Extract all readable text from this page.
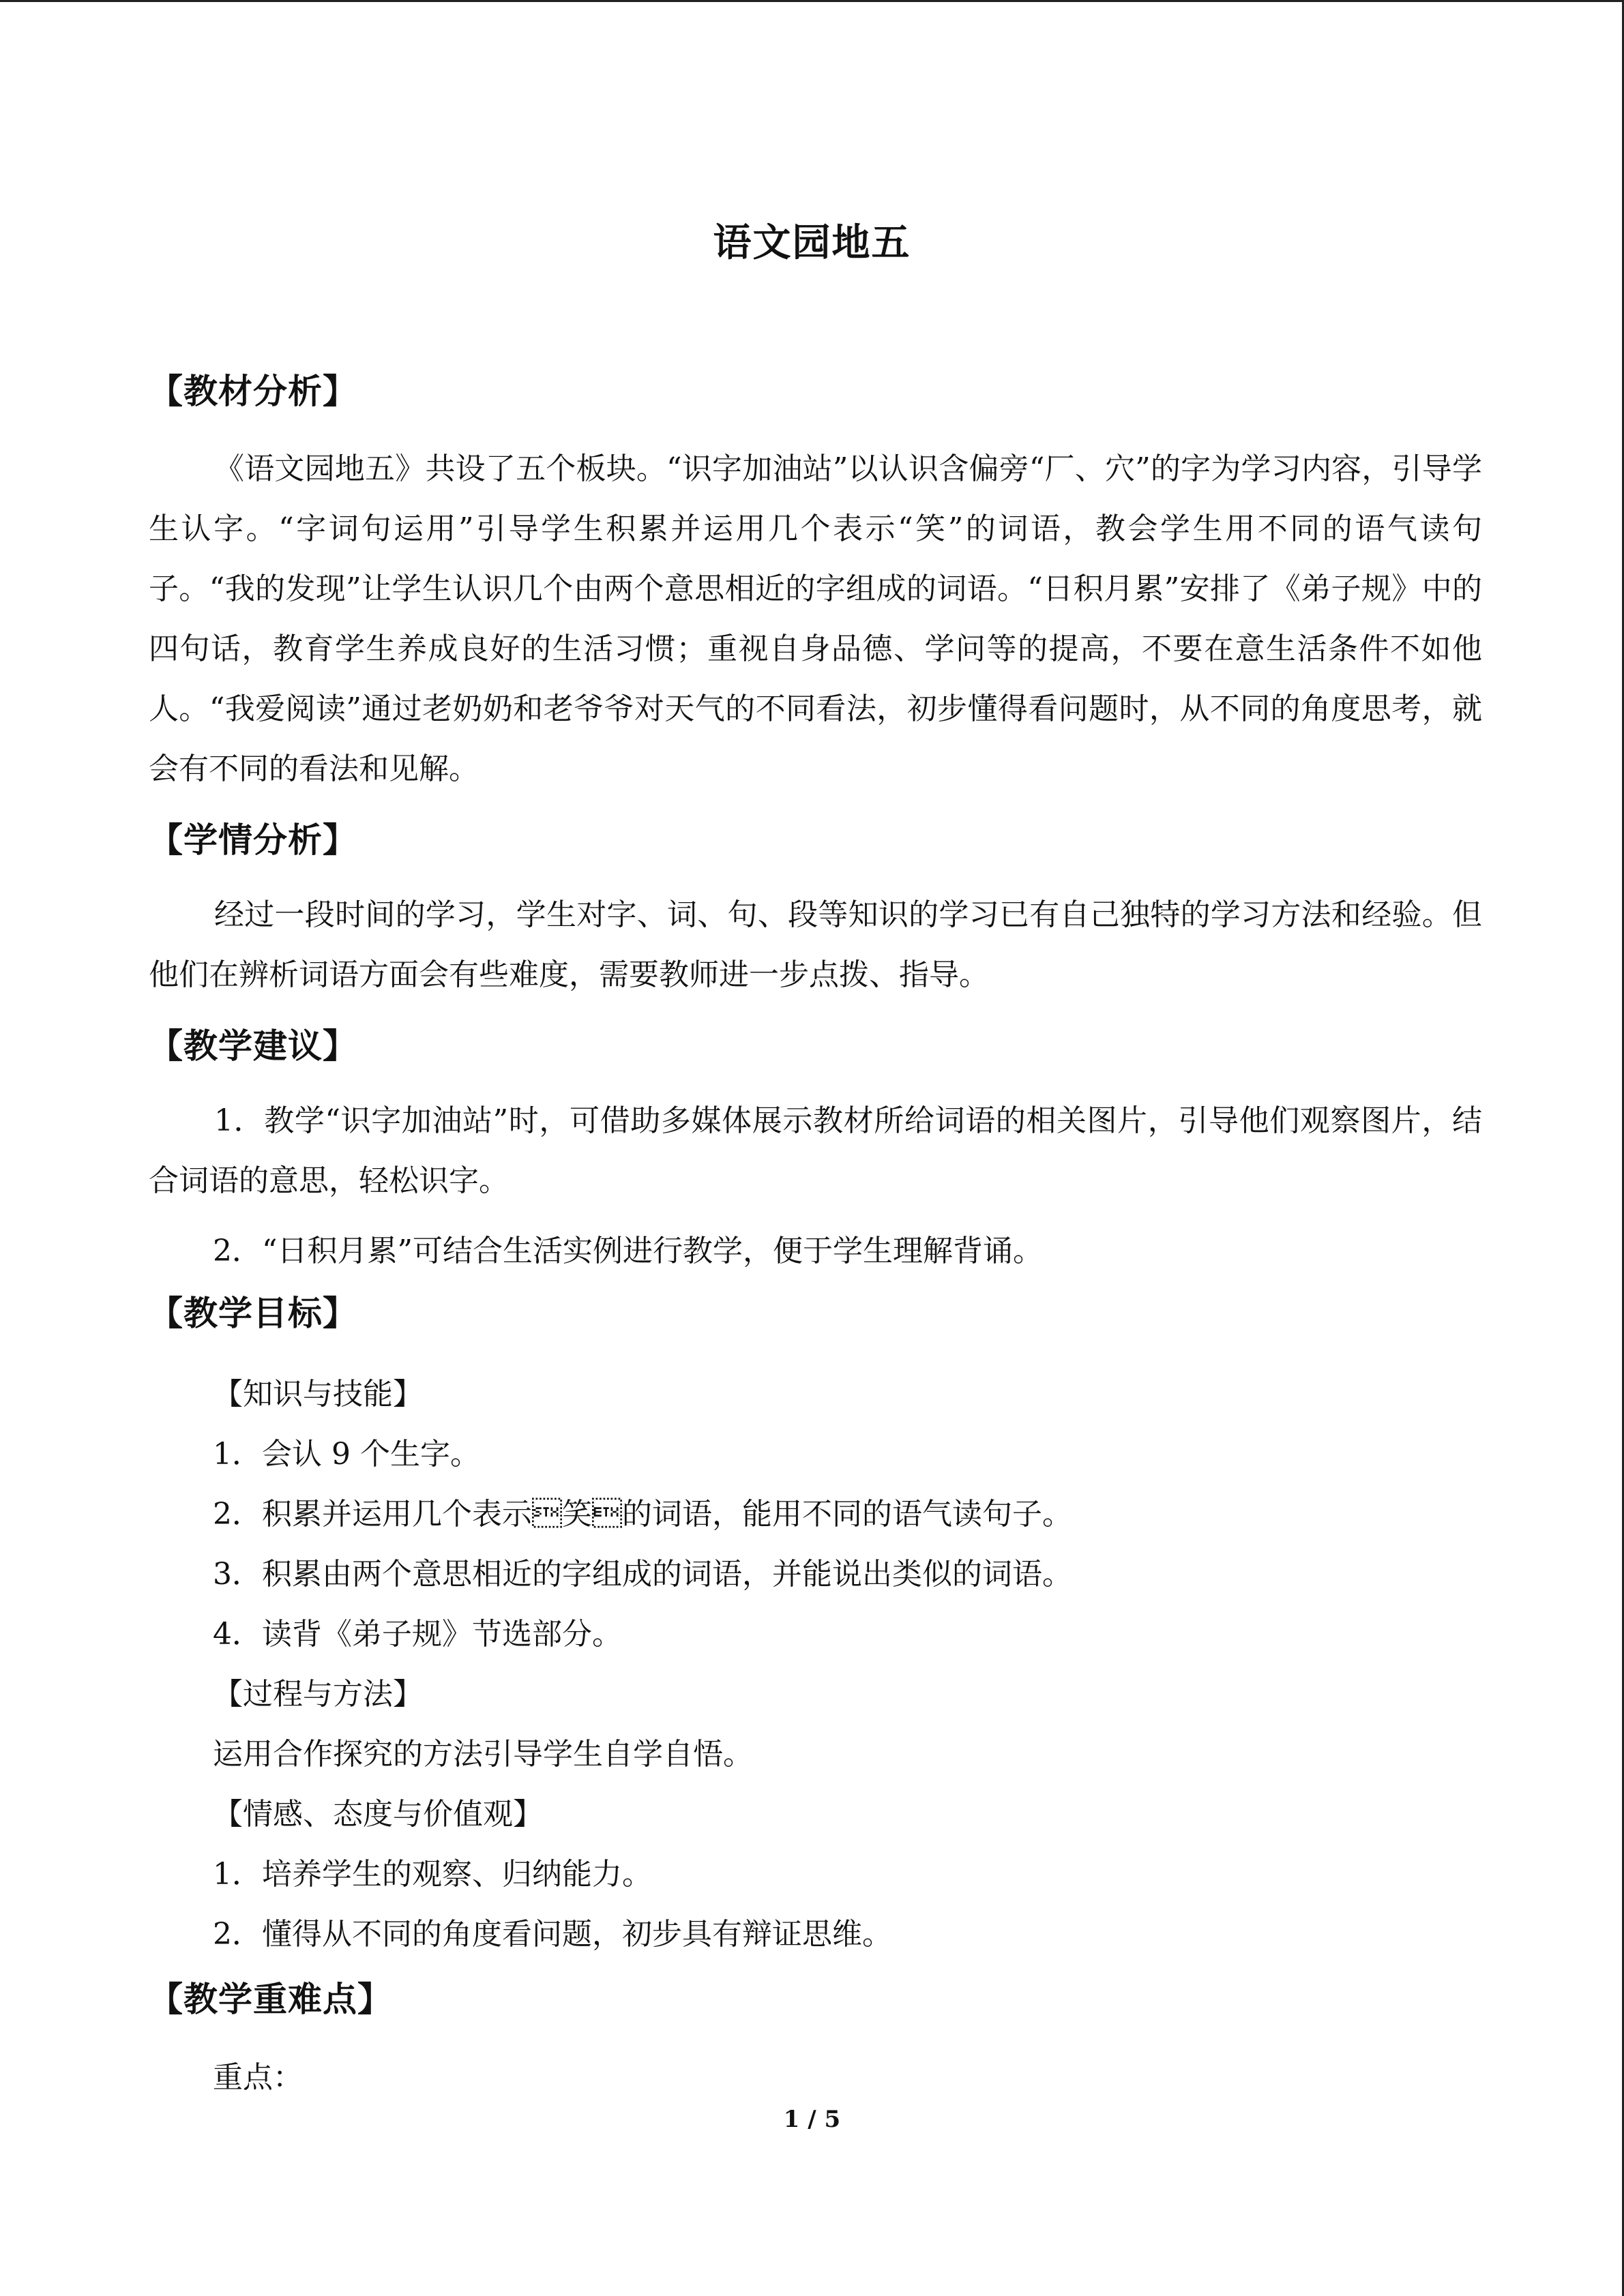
语文园地五
【教材分析】
《语文园地五》共设了五个板块。“识字加油站”以认识含偏旁“厂、穴”的字为学习内容，引导学生认字。“字词句运用”引导学生积累并运用几个表示“笑”的词语，教会学生用不同的语气读句子。“我的发现”让学生认识几个由两个意思相近的字组成的词语。“日积月累”安排了《弟子规》中的四句话，教育学生养成良好的生活习惯；重视自身品德、学问等的提高，不要在意生活条件不如他人。“我爱阅读”通过老奶奶和老爷爷对天气的不同看法，初步懂得看问题时，从不同的角度思考，就会有不同的看法和见解。
【学情分析】
经过一段时间的学习，学生对字、词、句、段等知识的学习已有自己独特的学习方法和经验。但他们在辨析词语方面会有些难度，需要教师进一步点拨、指导。
【教学建议】
1．教学“识字加油站”时，可借助多媒体展示教材所给词语的相关图片，引导他们观察图片，结合词语的意思，轻松识字。
2．“日积月累”可结合生活实例进行教学，便于学生理解背诵。
【教学目标】
【知识与技能】
1．会认 9 个生字。
2．积累并运用几个表示笑的词语，能用不同的语气读句子。
3．积累由两个意思相近的字组成的词语，并能说出类似的词语。
4．读背《弟子规》节选部分。
【过程与方法】
运用合作探究的方法引导学生自学自悟。
【情感、态度与价值观】
1．培养学生的观察、归纳能力。
2．懂得从不同的角度看问题，初步具有辩证思维。
【教学重难点】
重点：
1 / 5
